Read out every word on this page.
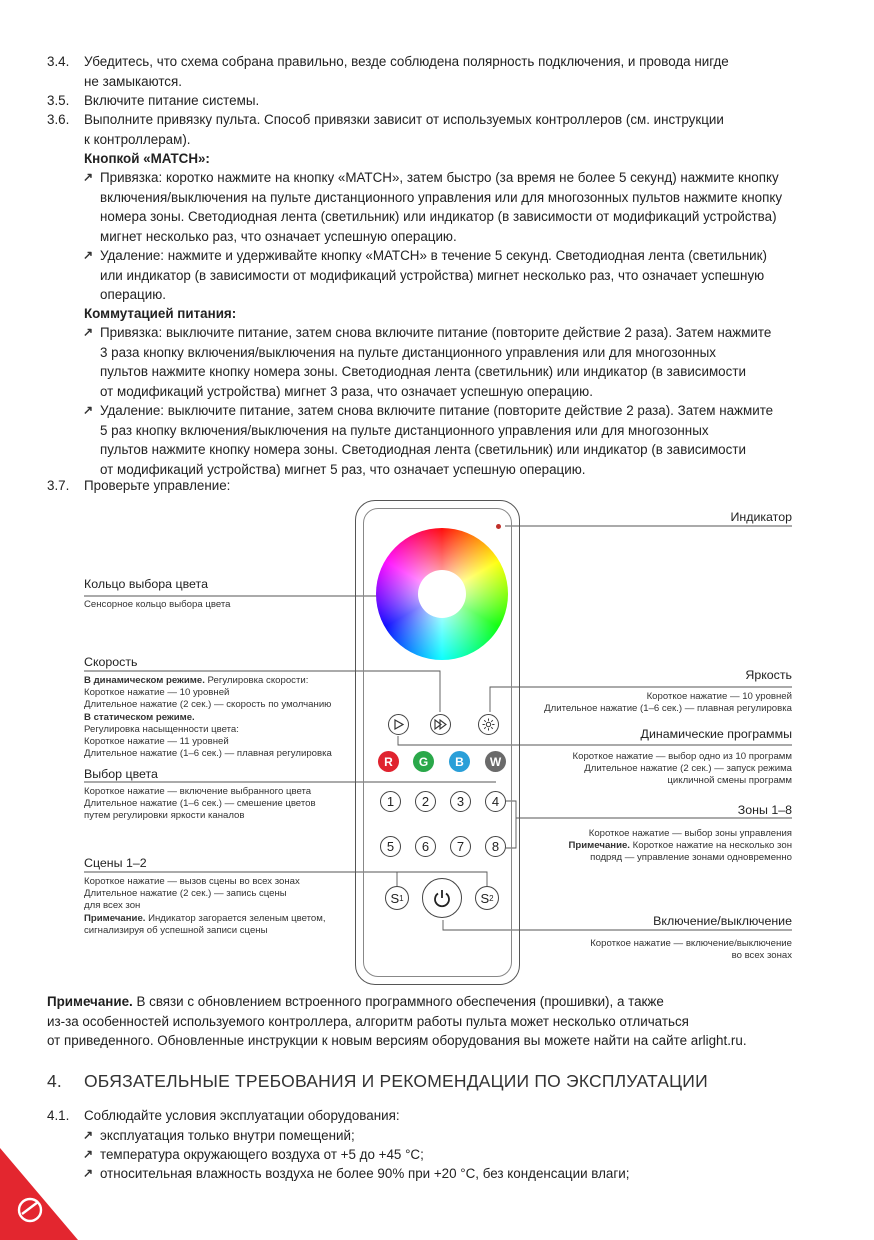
3.4. Убедитесь, что схема собрана правильно, везде соблюдена полярность подключения, и провода нигде
не замыкаются.
3.5. Включите питание системы.
3.6. Выполните привязку пульта. Способ привязки зависит от используемых контроллеров (см. инструкции
к контроллерам).
Кнопкой «MATCH»:
↗ Привязка: коротко нажмите на кнопку «MATCH», затем быстро (за время не более 5 секунд) нажмите кнопку
включения/выключения на пульте дистанционного управления или для многозонных пультов нажмите кнопку
номера зоны. Светодиодная лента (светильник) или индикатор (в зависимости от модификаций устройства)
мигнет несколько раз, что означает успешную операцию.
↗ Удаление: нажмите и удерживайте кнопку «MATCH» в течение 5 секунд. Светодиодная лента (светильник)
или индикатор (в зависимости от модификаций устройства) мигнет несколько раз, что означает успешную
операцию.
Коммутацией питания:
↗ Привязка: выключите питание, затем снова включите питание (повторите действие 2 раза). Затем нажмите
3 раза кнопку включения/выключения на пульте дистанционного управления или для многозонных
пультов нажмите кнопку номера зоны. Светодиодная лента (светильник) или индикатор (в зависимости
от модификаций устройства) мигнет 3 раза, что означает успешную операцию.
↗ Удаление: выключите питание, затем снова включите питание (повторите действие 2 раза). Затем нажмите
5 раз кнопку включения/выключения на пульте дистанционного управления или для многозонных
пультов нажмите кнопку номера зоны. Светодиодная лента (светильник) или индикатор (в зависимости
от модификаций устройства) мигнет 5 раз, что означает успешную операцию.
3.7. Проверьте управление:
R	G	B	W
1	2	3	4
5	6	7	8
S 1	S 2
Кольцо выбора цвета
Сенсорное кольцо выбора цвета
Скорость
В динамическом режиме. Регулировка скорости:
Короткое нажатие — 10 уровней
Длительное нажатие (2 сек.) — скорость по умолчанию
В статическом режиме.
Регулировка насыщенности цвета:
Короткое нажатие — 11 уровней
Длительное нажатие (1–6 сек.) — плавная регулировка
Выбор цвета
Короткое нажатие — включение выбранного цвета
Длительное нажатие (1–6 сек.) — смешение цветов
путем регулировки яркости каналов
Сцены 1–2
Короткое нажатие — вызов сцены во всех зонах
Длительное нажатие (2 сек.) — запись сцены
для всех зон
Примечание. Индикатор загорается зеленым цветом,
сигнализируя об успешной записи сцены
Индикатор
Яркость
Короткое нажатие — 10 уровней
Длительное нажатие (1–6 сек.) — плавная регулировка
Динамические программы
Короткое нажатие — выбор одно из 10 программ
Длительное нажатие (2 сек.) — запуск режима
цикличной смены программ
Зоны 1–8
Короткое нажатие — выбор зоны управления
Примечание. Короткое нажатие на несколько зон
подряд — управление зонами одновременно
Включение/выключение
Короткое нажатие — включение/выключение
во всех зонах
Примечание. В связи с обновлением встроенного программного обеспечения (прошивки), а также
из-за особенностей используемого контроллера, алгоритм работы пульта может несколько отличаться
от приведенного. Обновленные инструкции к новым версиям оборудования вы можете найти на сайте arlight.ru.
4. ОБЯЗАТЕЛЬНЫЕ ТРЕБОВАНИЯ И РЕКОМЕНДАЦИИ ПО ЭКСПЛУАТАЦИИ
4.1. Соблюдайте условия эксплуатации оборудования:
↗ эксплуатация только внутри помещений;
↗ температура окружающего воздуха от +5 до +45 °C;
↗ относительная влажность воздуха не более 90% при +20 °C, без конденсации влаги;
